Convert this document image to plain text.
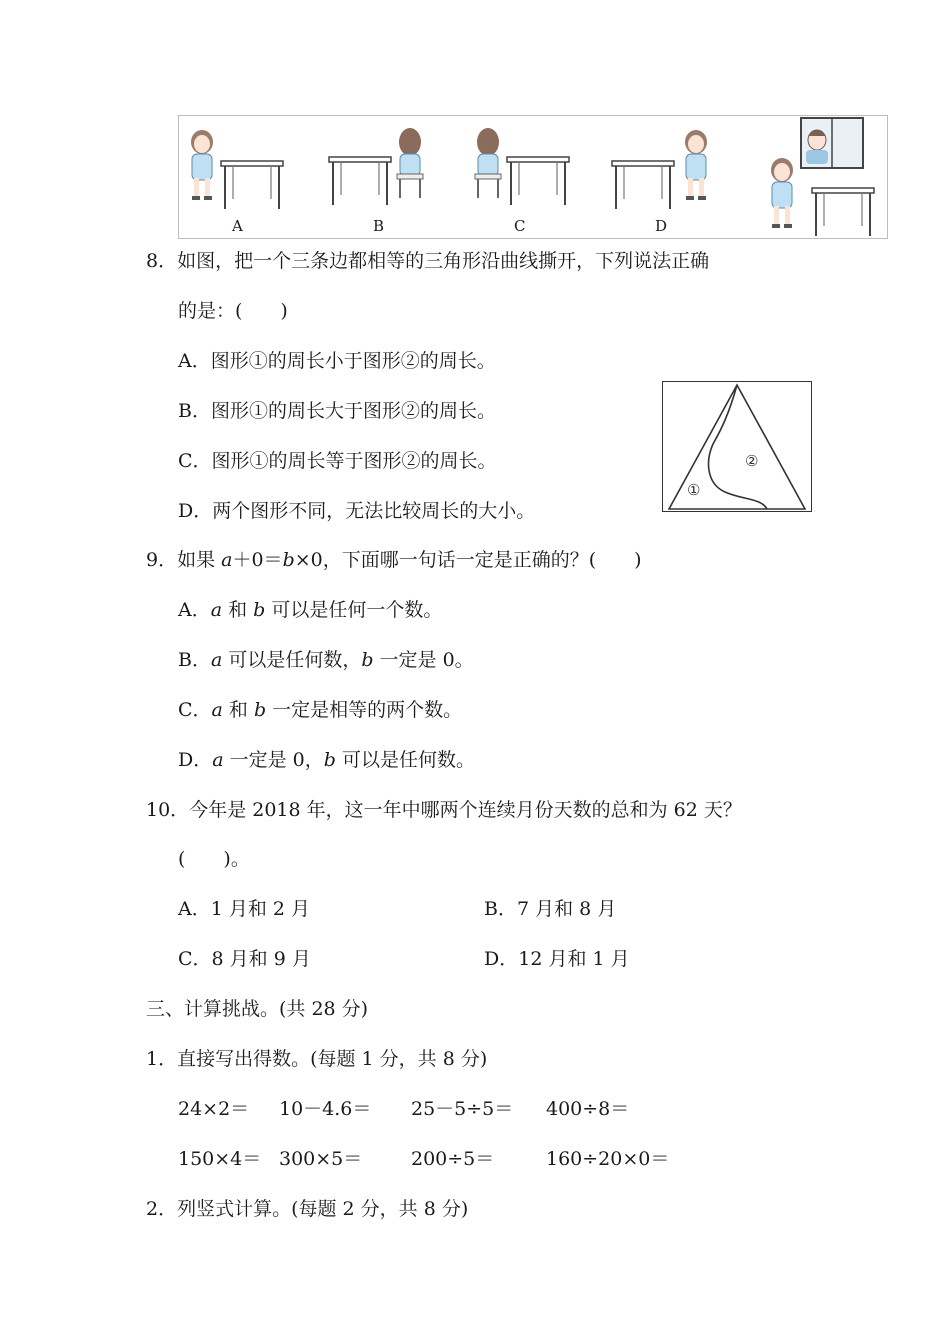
A	B	C	D
8．如图，把一个三条边都相等的三角形沿曲线撕开，下列说法正确
的是：(　　)
A．图形①的周长小于图形②的周长。
B．图形①的周长大于图形②的周长。
C．图形①的周长等于图形②的周长。
D．两个图形不同，无法比较周长的大小。
①
②
9．如果 a＋0＝b×0，下面哪一句话一定是正确的？(　　)
A．a 和 b 可以是任何一个数。
B．a 可以是任何数，b 一定是 0。
C．a 和 b 一定是相等的两个数。
D．a 一定是 0，b 可以是任何数。
10．今年是 2018 年，这一年中哪两个连续月份天数的总和为 62 天？
(　　)。
A．1 月和 2 月	B．7 月和 8 月
C．8 月和 9 月	D．12 月和 1 月
三、计算挑战。(共 28 分)
1．直接写出得数。(每题 1 分，共 8 分)
24×2＝ 10－4.6＝ 25－5÷5＝ 400÷8＝
150×4＝ 300×5＝	200÷5＝	160÷20×0＝
2．列竖式计算。(每题 2 分，共 8 分)
